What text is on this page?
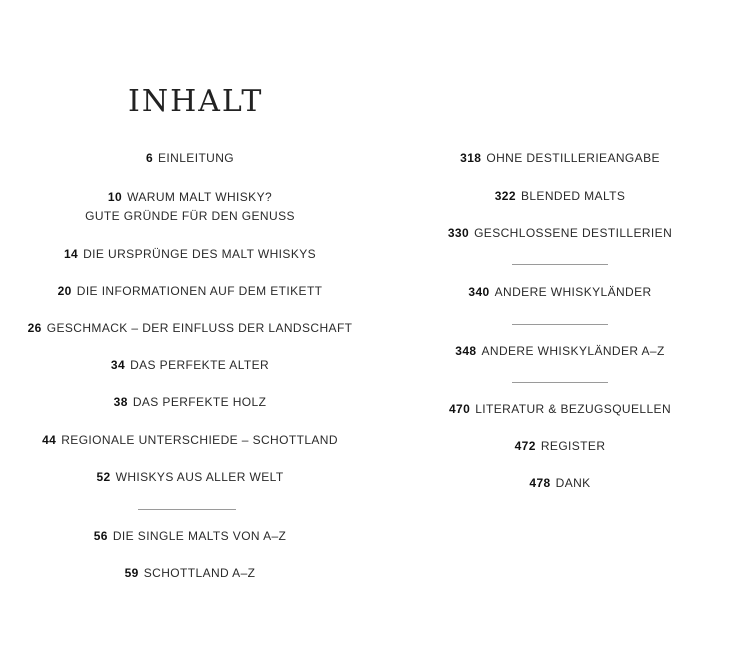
INHALT
6 EINLEITUNG
10 WARUM MALT WHISKY?
GUTE GRÜNDE FÜR DEN GENUSS
14 DIE URSPRÜNGE DES MALT WHISKYS
20 DIE INFORMATIONEN AUF DEM ETIKETT
26 GESCHMACK – DER EINFLUSS DER LANDSCHAFT
34 DAS PERFEKTE ALTER
38 DAS PERFEKTE HOLZ
44 REGIONALE UNTERSCHIEDE – SCHOTTLAND
52 WHISKYS AUS ALLER WELT
56 DIE SINGLE MALTS VON A–Z
59 SCHOTTLAND A–Z
318 OHNE DESTILLERIEANGABE
322 BLENDED MALTS
330 GESCHLOSSENE DESTILLERIEN
340 ANDERE WHISKYLÄNDER
348 ANDERE WHISKYLÄNDER A–Z
470 LITERATUR & BEZUGSQUELLEN
472 REGISTER
478 DANK
